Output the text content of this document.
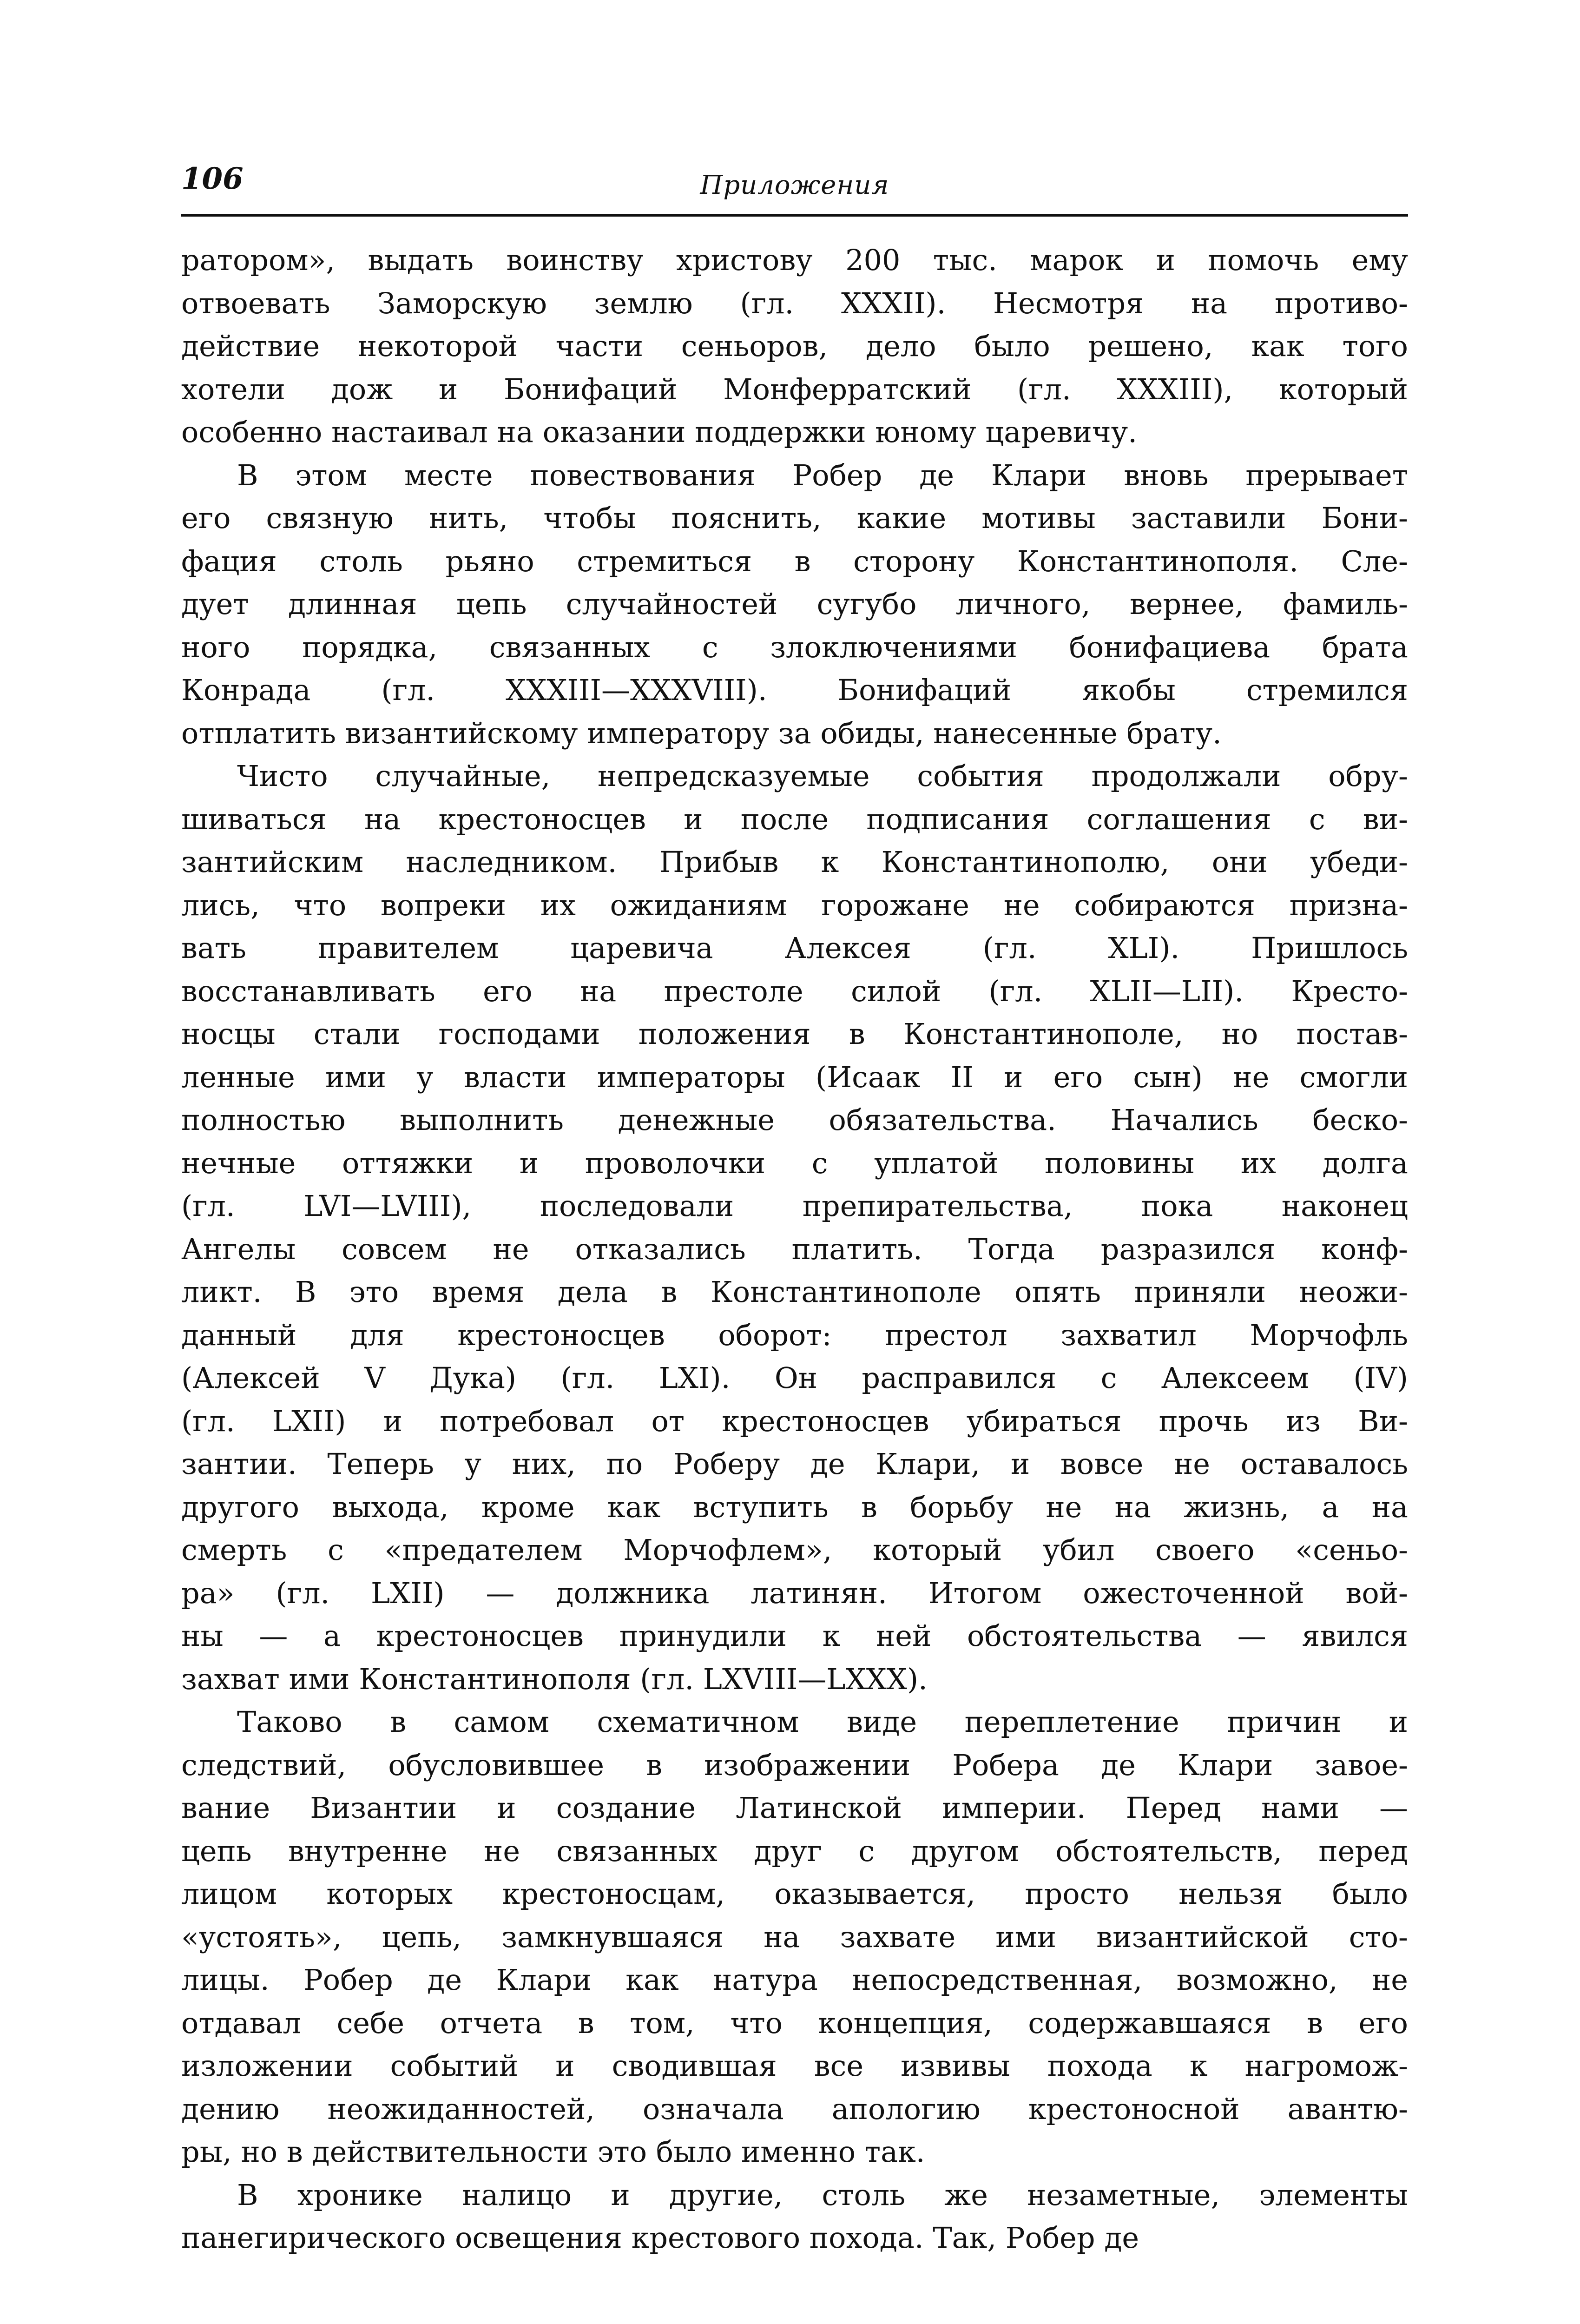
106	Приложения

ратором», выдать воинству христову 200 тыс. марок и помочь ему
отвоевать Заморскую землю (гл. XXXII). Несмотря на противо-
действие некоторой части сеньоров, дело было решено, как того
хотели дож и Бонифаций Монферратский (гл. XXXIII), который
особенно настаивал на оказании поддержки юному царевичу.

В этом месте повествования Робер де Клари вновь прерывает
его связную нить, чтобы пояснить, какие мотивы заставили Бони-
фация столь рьяно стремиться в сторону Константинополя. Сле-
дует длинная цепь случайностей сугубо личного, вернее, фамиль-
ного порядка, связанных с злоключениями бонифациева брата
Конрада (гл. XXXIII—XXXVIII). Бонифаций якобы стремился
отплатить византийскому императору за обиды, нанесенные брату.

Чисто случайные, непредсказуемые события продолжали обру-
шиваться на крестоносцев и после подписания соглашения с ви-
зантийским наследником. Прибыв к Константинополю, они убеди-
лись, что вопреки их ожиданиям горожане не собираются призна-
вать правителем царевича Алексея (гл. XLI). Пришлось
восстанавливать его на престоле силой (гл. XLII—LII). Кресто-
носцы стали господами положения в Константинополе, но постав-
ленные ими у власти императоры (Исаак II и его сын) не смогли
полностью выполнить денежные обязательства. Начались беско-
нечные оттяжки и проволочки с уплатой половины их долга
(гл. LVI—LVIII), последовали препирательства, пока наконец
Ангелы совсем не отказались платить. Тогда разразился конф-
ликт. В это время дела в Константинополе опять приняли неожи-
данный для крестоносцев оборот: престол захватил Морчофль
(Алексей V Дука) (гл. LXI). Он расправился с Алексеем (IV)
(гл. LXII) и потребовал от крестоносцев убираться прочь из Ви-
зантии. Теперь у них, по Роберу де Клари, и вовсе не оставалось
другого выхода, кроме как вступить в борьбу не на жизнь, а на
смерть с «предателем Морчофлем», который убил своего «сеньо-
ра» (гл. LXII) — должника латинян. Итогом ожесточенной вой-
ны — а крестоносцев принудили к ней обстоятельства — явился
захват ими Константинополя (гл. LXVIII—LXXX).

Таково в самом схематичном виде переплетение причин и
следствий, обусловившее в изображении Робера де Клари завое-
вание Византии и создание Латинской империи. Перед нами —
цепь внутренне не связанных друг с другом обстоятельств, перед
лицом которых крестоносцам, оказывается, просто нельзя было
«устоять», цепь, замкнувшаяся на захвате ими византийской сто-
лицы. Робер де Клари как натура непосредственная, возможно, не
отдавал себе отчета в том, что концепция, содержавшаяся в его
изложении событий и сводившая все извивы похода к нагромож-
дению неожиданностей, означала апологию крестоносной авантю-
ры, но в действительности это было именно так.

В хронике налицо и другие, столь же незаметные, элементы
панегирического освещения крестового похода. Так, Робер де
